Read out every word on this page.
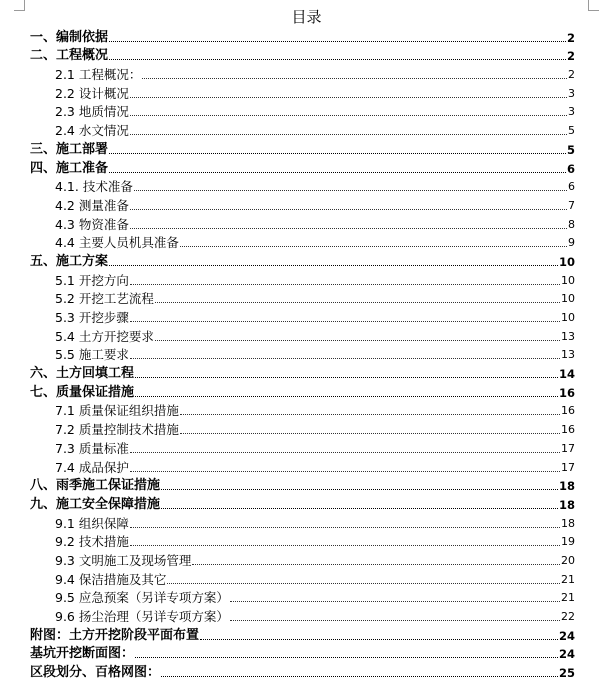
目录
一、编制依据	2
二、工程概况	2
2.1 工程概况：	2
2.2 设计概况	3
2.3 地质情况	3
2.4 水文情况	5
三、施工部署	5
四、施工准备	6
4.1. 技术准备	6
4.2 测量准备	7
4.3 物资准备	8
4.4 主要人员机具准备	9
五、施工方案	10
5.1 开挖方向	10
5.2 开挖工艺流程	10
5.3 开挖步骤	10
5.4 土方开挖要求	13
5.5 施工要求	13
六、土方回填工程	14
七、质量保证措施	16
7.1 质量保证组织措施	16
7.2 质量控制技术措施	16
7.3 质量标准	17
7.4 成品保护	17
八、雨季施工保证措施	18
九、施工安全保障措施	18
9.1 组织保障	18
9.2 技术措施	19
9.3 文明施工及现场管理	20
9.4 保洁措施及其它	21
9.5 应急预案（另详专项方案）	21
9.6 扬尘治理（另详专项方案）	22
附图：土方开挖阶段平面布置	24
基坑开挖断面图：	24
区段划分、百格网图：	25
